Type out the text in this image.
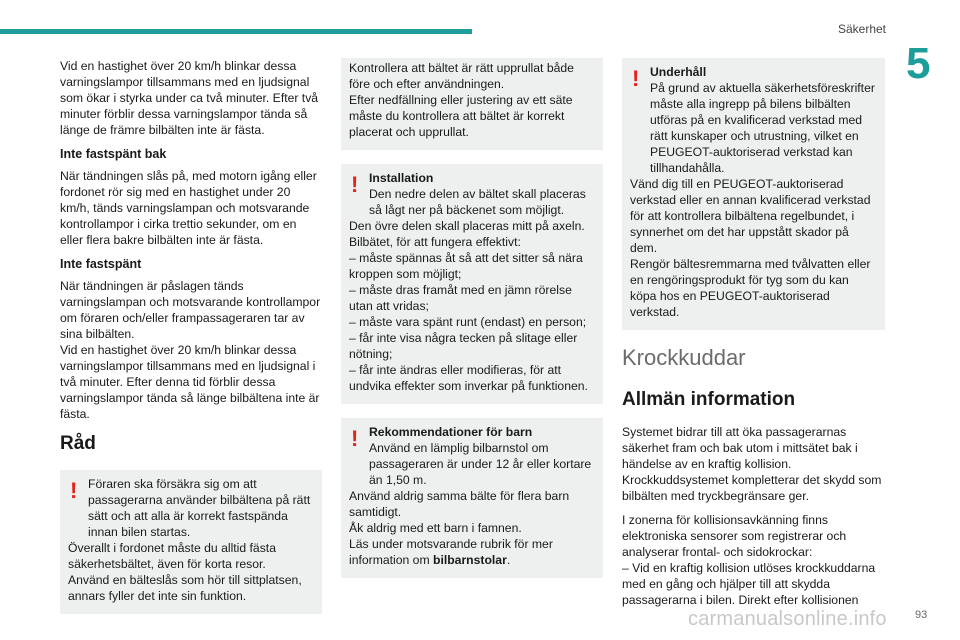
Säkerhet
5

Vid en hastighet över 20 km/h blinkar dessa varningslampor tillsammans med en ljudsignal som ökar i styrka under ca två minuter. Efter två minuter förblir dessa varningslampor tända så länge de främre bilbälten inte är fästa.

Inte fastspänt bak

När tändningen slås på, med motorn igång eller fordonet rör sig med en hastighet under 20 km/h, tänds varningslampan och motsvarande kontrollampor i cirka trettio sekunder, om en eller flera bakre bilbälten inte är fästa.

Inte fastspänt

När tändningen är påslagen tänds varningslampan och motsvarande kontrollampor om föraren och/eller frampassageraren tar av sina bilbälten.

Vid en hastighet över 20 km/h blinkar dessa varningslampor tillsammans med en ljudsignal i två minuter. Efter denna tid förblir dessa varningslampor tända så länge bilbältena inte är fästa.

Råd
! Föraren ska försäkra sig om att passagerarna använder bilbältena på rätt sätt och att alla är korrekt fastspända innan bilen startas.
Överallt i fordonet måste du alltid fästa säkerhetsbältet, även för korta resor.
Använd en bälteslås som hör till sittplatsen, annars fyller det inte sin funktion.
Kontrollera att bältet är rätt upprullat både före och efter användningen.
Efter nedfällning eller justering av ett säte måste du kontrollera att bältet är korrekt placerat och upprullat.
! Installation
Den nedre delen av bältet skall placeras så lågt ner på bäckenet som möjligt.
Den övre delen skall placeras mitt på axeln.
Bilbätet, för att fungera effektivt:
– måste spännas åt så att det sitter så nära kroppen som möjligt;
– måste dras framåt med en jämn rörelse utan att vridas;
– måste vara spänt runt (endast) en person;
– får inte visa några tecken på slitage eller nötning;
– får inte ändras eller modifieras, för att undvika effekter som inverkar på funktionen.
! Rekommendationer för barn
Använd en lämplig bilbarnstol om passageraren är under 12 år eller kortare än 1,50 m.
Använd aldrig samma bälte för flera barn samtidigt.
Åk aldrig med ett barn i famnen.
Läs under motsvarande rubrik för mer information om bilbarnstolar.
! Underhåll
På grund av aktuella säkerhetsföreskrifter måste alla ingrepp på bilens bilbälten utföras på en kvalificerad verkstad med rätt kunskaper och utrustning, vilket en PEUGEOT-auktoriserad verkstad kan tillhandahålla.
Vänd dig till en PEUGEOT-auktoriserad verkstad eller en annan kvalificerad verkstad för att kontrollera bilbältena regelbundet, i synnerhet om det har uppstått skador på dem.
Rengör bältesremmarna med tvålvatten eller en rengöringsprodukt för tyg som du kan köpa hos en PEUGEOT-auktoriserad verkstad.
Krockkuddar
Allmän information

Systemet bidrar till att öka passagerarnas säkerhet fram och bak utom i mittsätet bak i händelse av en kraftig kollision. Krockkuddsystemet kompletterar det skydd som bilbälten med tryckbegränsare ger.

I zonerna för kollisionsavkänning finns elektroniska sensorer som registrerar och analyserar frontal- och sidokrockar:

– Vid en kraftig kollision utlöses krockkuddarna med en gång och hjälper till att skydda passagerarna i bilen. Direkt efter kollisionen

carmanualsonline.info	93
